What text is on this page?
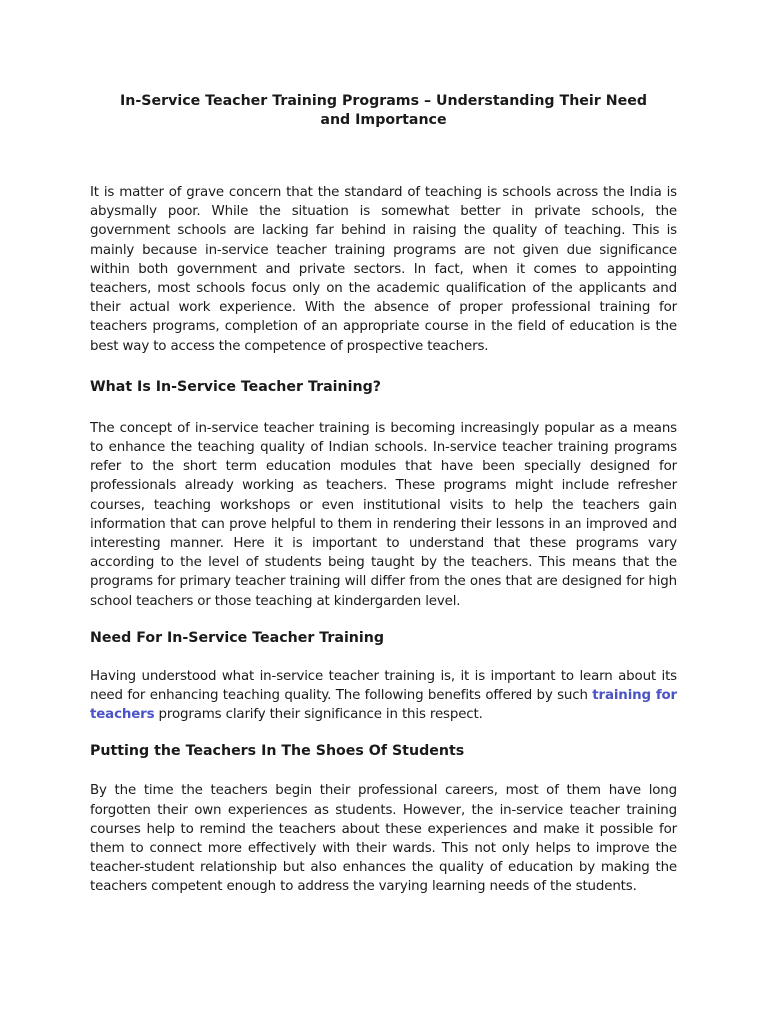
In-Service Teacher Training Programs – Understanding Their Need and Importance

It is matter of grave concern that the standard of teaching is schools across the India is abysmally poor. While the situation is somewhat better in private schools, the government schools are lacking far behind in raising the quality of teaching. This is mainly because in-service teacher training programs are not given due significance within both government and private sectors. In fact, when it comes to appointing teachers, most schools focus only on the academic qualification of the applicants and their actual work experience. With the absence of proper professional training for teachers programs, completion of an appropriate course in the field of education is the best way to access the competence of prospective teachers.

What Is In-Service Teacher Training?

The concept of in-service teacher training is becoming increasingly popular as a means to enhance the teaching quality of Indian schools. In-service teacher training programs refer to the short term education modules that have been specially designed for professionals already working as teachers. These programs might include refresher courses, teaching workshops or even institutional visits to help the teachers gain information that can prove helpful to them in rendering their lessons in an improved and interesting manner. Here it is important to understand that these programs vary according to the level of students being taught by the teachers. This means that the programs for primary teacher training will differ from the ones that are designed for high school teachers or those teaching at kindergarden level.

Need For In-Service Teacher Training

Having understood what in-service teacher training is, it is important to learn about its need for enhancing teaching quality. The following benefits offered by such training for teachers programs clarify their significance in this respect.

Putting the Teachers In The Shoes Of Students

By the time the teachers begin their professional careers, most of them have long forgotten their own experiences as students. However, the in-service teacher training courses help to remind the teachers about these experiences and make it possible for them to connect more effectively with their wards. This not only helps to improve the teacher-student relationship but also enhances the quality of education by making the teachers competent enough to address the varying learning needs of the students.
